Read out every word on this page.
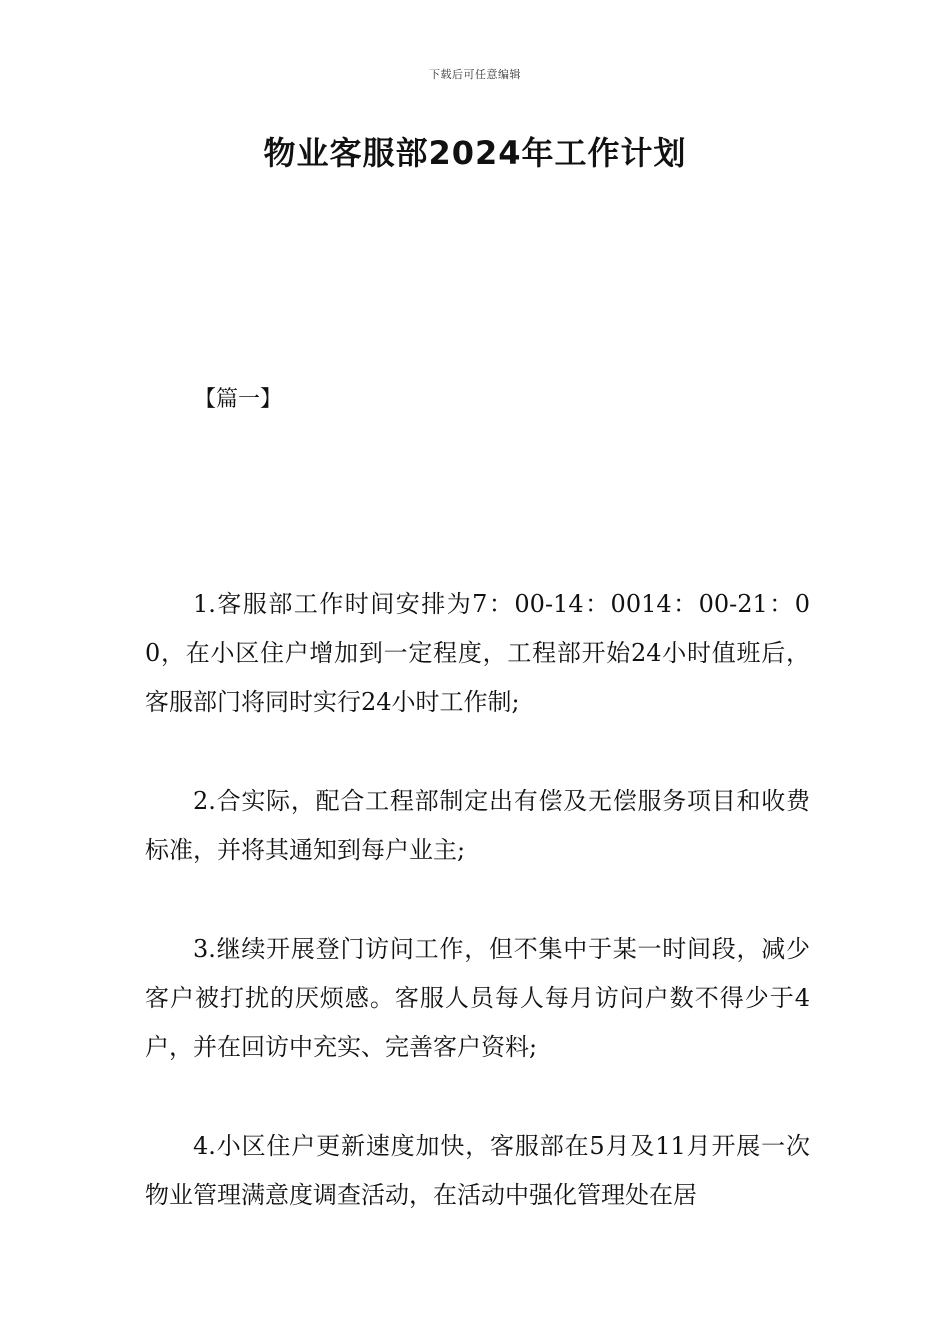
下载后可任意编辑
物业客服部2024年工作计划
【篇一】

1.客服部工作时间安排为7：00-14：0014：00-21：00，在小区住户增加到一定程度，工程部开始24小时值班后，客服部门将同时实行24小时工作制;

2.合实际，配合工程部制定出有偿及无偿服务项目和收费标准，并将其通知到每户业主;

3.继续开展登门访问工作，但不集中于某一时间段，减少客户被打扰的厌烦感。客服人员每人每月访问户数不得少于4户，并在回访中充实、完善客户资料;

4.小区住户更新速度加快，客服部在5月及11月开展一次物业管理满意度调查活动，在活动中强化管理处在居
